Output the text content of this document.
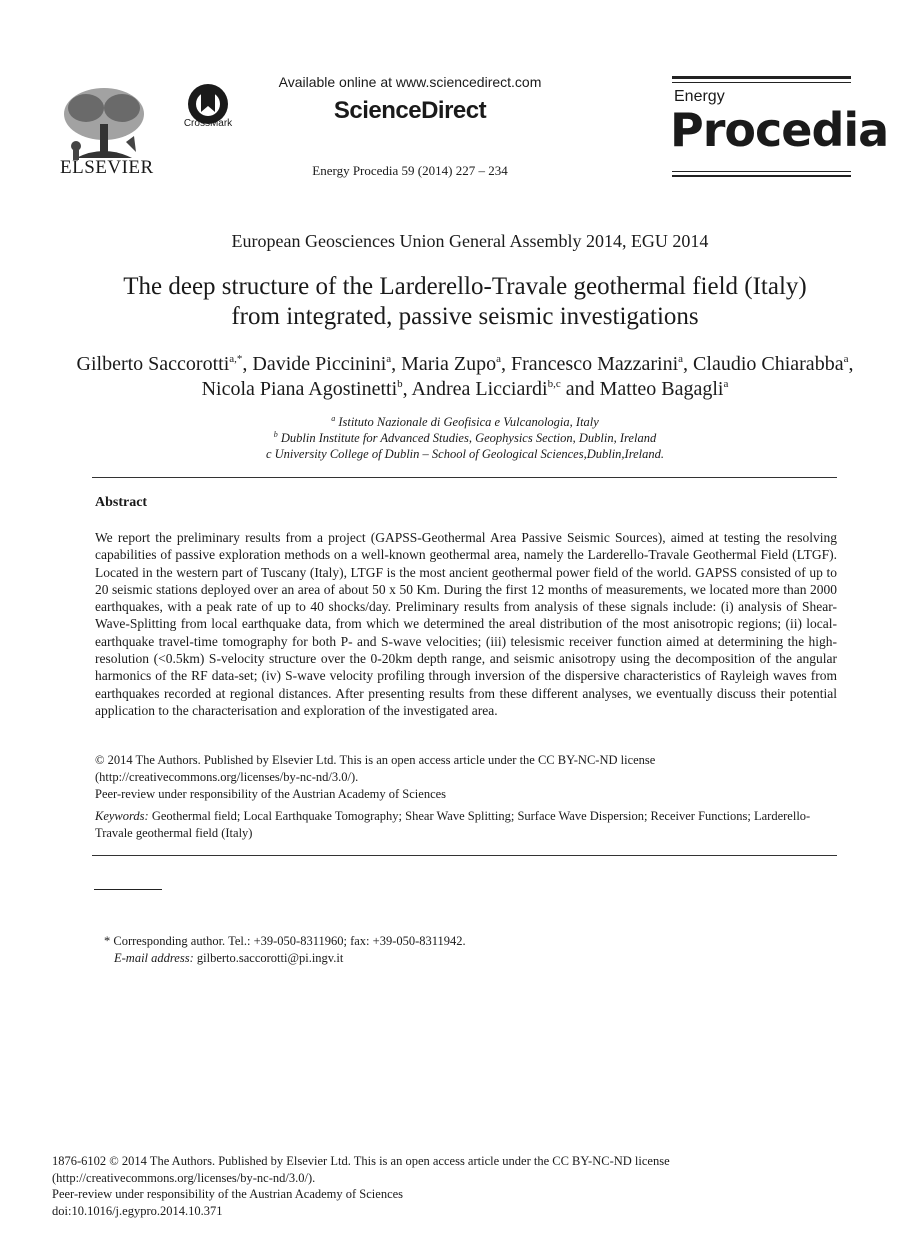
ELSEVIER
CrossMark
Available online at www.sciencedirect.com
ScienceDirect
Energy Procedia 59 (2014) 227 – 234
Energy
Procedia
European Geosciences Union General Assembly 2014, EGU 2014
The deep structure of the Larderello-Travale geothermal field (Italy)
from integrated, passive seismic investigations
Gilberto Saccorotti$^{a,*}$, Davide Piccinini$^a$, Maria Zupo$^a$, Francesco Mazzarini$^a$, Claudio Chiarabba$^a$, Nicola Piana Agostinetti$^b$, Andrea Licciardi$^{b,c}$ and Matteo Bagagli$^a$
$^a$ Istituto Nazionale di Geofisica e Vulcanologia, Italy
$^b$ Dublin Institute for Advanced Studies, Geophysics Section, Dublin, Ireland
c University College of Dublin – School of Geological Sciences,Dublin,Ireland.
Abstract
We report the preliminary results from a project (GAPSS-Geothermal Area Passive Seismic Sources), aimed at testing the resolving capabilities of passive exploration methods on a well-known geothermal area, namely the Larderello-Travale Geothermal Field (LTGF). Located in the western part of Tuscany (Italy), LTGF is the most ancient geothermal power field of the world. GAPSS consisted of up to 20 seismic stations deployed over an area of about 50 x 50 Km. During the first 12 months of measurements, we located more than 2000 earthquakes, with a peak rate of up to 40 shocks/day. Preliminary results from analysis of these signals include: (i) analysis of Shear-Wave-Splitting from local earthquake data, from which we determined the areal distribution of the most anisotropic regions; (ii) local-earthquake travel-time tomography for both P- and S-wave velocities; (iii) telesismic receiver function aimed at determining the high-resolution (<0.5km) S-velocity structure over the 0-20km depth range, and seismic anisotropy using the decomposition of the angular harmonics of the RF data-set; (iv) S-wave velocity profiling through inversion of the dispersive characteristics of Rayleigh waves from earthquakes recorded at regional distances. After presenting results from these different analyses, we eventually discuss their potential application to the characterisation and exploration of the investigated area.
© 2014 The Authors. Published by Elsevier Ltd. This is an open access article under the CC BY-NC-ND license
(http://creativecommons.org/licenses/by-nc-nd/3.0/).
Peer-review under responsibility of the Austrian Academy of Sciences
Keywords: Geothermal field; Local Earthquake Tomography; Shear Wave Splitting; Surface Wave Dispersion; Receiver Functions; Larderello-Travale geothermal field (Italy)
* Corresponding author. Tel.: +39-050-8311960; fax: +39-050-8311942.
E-mail address: gilberto.saccorotti@pi.ingv.it
1876-6102 © 2014 The Authors. Published by Elsevier Ltd. This is an open access article under the CC BY-NC-ND license
(http://creativecommons.org/licenses/by-nc-nd/3.0/).
Peer-review under responsibility of the Austrian Academy of Sciences
doi:10.1016/j.egypro.2014.10.371
